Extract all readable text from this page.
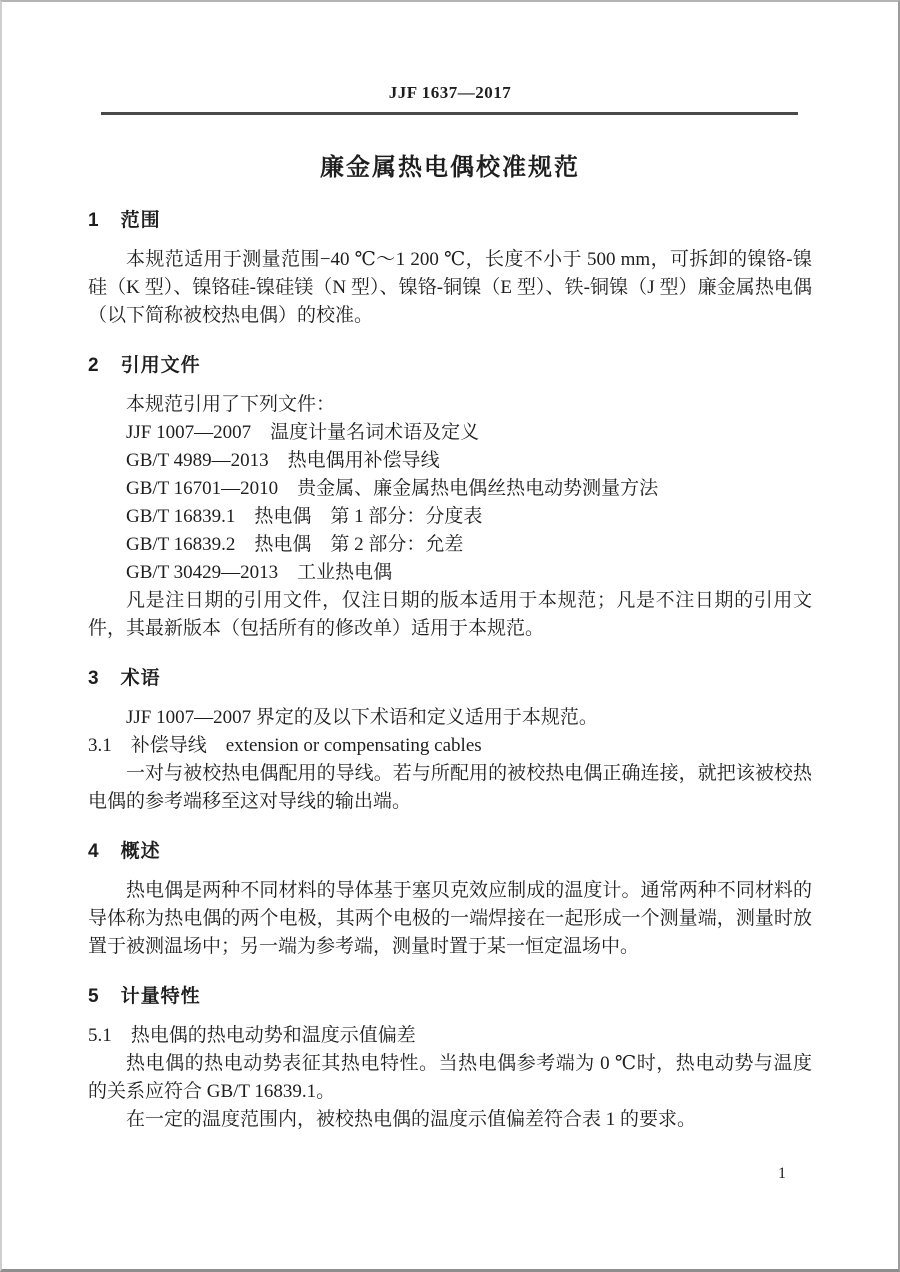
JJF 1637—2017
廉金属热电偶校准规范
1 范围

本规范适用于测量范围−40 ℃～1 200 ℃，长度不小于 500 mm，可拆卸的镍铬-镍硅（K 型）、镍铬硅-镍硅镁（N 型）、镍铬-铜镍（E 型）、铁-铜镍（J 型）廉金属热电偶（以下简称被校热电偶）的校准。

2 引用文件

本规范引用了下列文件：

JJF 1007—2007　温度计量名词术语及定义

GB/T 4989—2013　热电偶用补偿导线

GB/T 16701—2010　贵金属、廉金属热电偶丝热电动势测量方法

GB/T 16839.1　热电偶　第 1 部分：分度表

GB/T 16839.2　热电偶　第 2 部分：允差

GB/T 30429—2013　工业热电偶

凡是注日期的引用文件，仅注日期的版本适用于本规范；凡是不注日期的引用文件，其最新版本（包括所有的修改单）适用于本规范。

3 术语

JJF 1007—2007 界定的及以下术语和定义适用于本规范。

3.1　补偿导线　extension or compensating cables

一对与被校热电偶配用的导线。若与所配用的被校热电偶正确连接，就把该被校热电偶的参考端移至这对导线的输出端。

4 概述

热电偶是两种不同材料的导体基于塞贝克效应制成的温度计。通常两种不同材料的导体称为热电偶的两个电极，其两个电极的一端焊接在一起形成一个测量端，测量时放置于被测温场中；另一端为参考端，测量时置于某一恒定温场中。

5 计量特性

5.1　热电偶的热电动势和温度示值偏差

热电偶的热电动势表征其热电特性。当热电偶参考端为 0 ℃时，热电动势与温度的关系应符合 GB/T 16839.1。

在一定的温度范围内，被校热电偶的温度示值偏差符合表 1 的要求。

1
